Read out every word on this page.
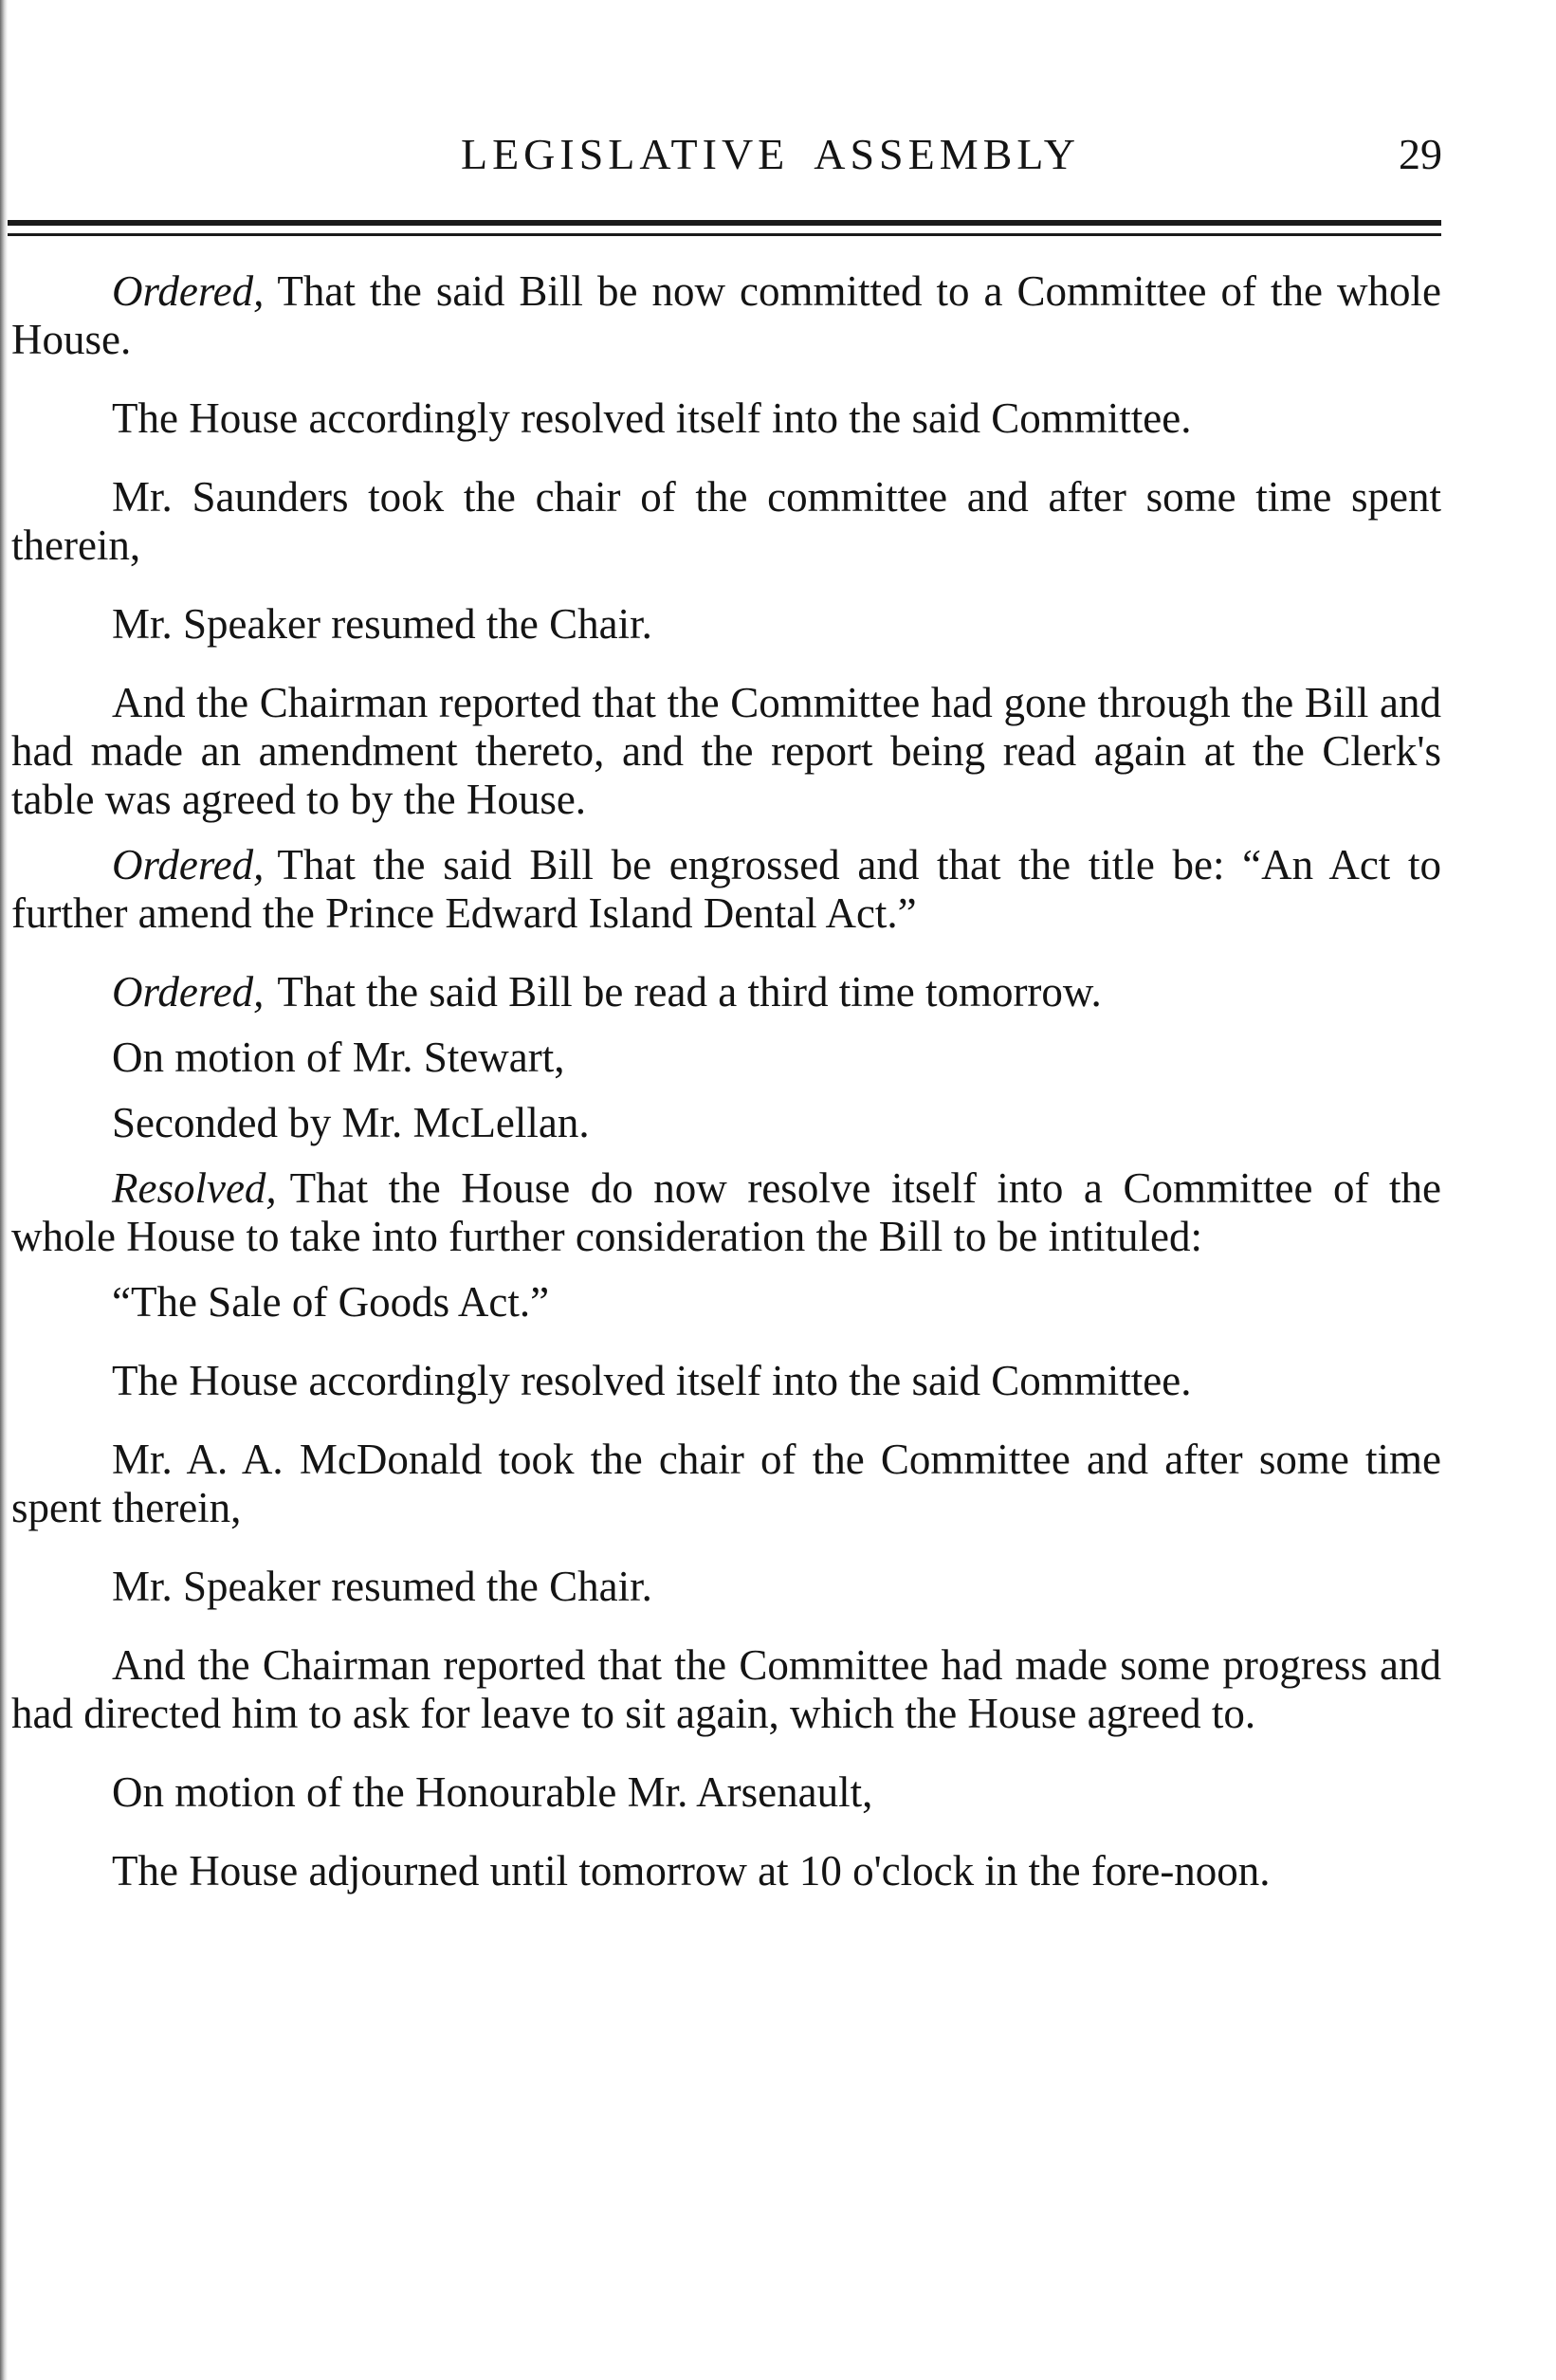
LEGISLATIVE ASSEMBLY	29

Ordered, That the said Bill be now committed to a Committee of the whole House.

The House accordingly resolved itself into the said Committee.

Mr. Saunders took the chair of the committee and after some time spent therein,

Mr. Speaker resumed the Chair.

And the Chairman reported that the Committee had gone through the Bill and had made an amendment thereto, and the report being read again at the Clerk's table was agreed to by the House.

Ordered, That the said Bill be engrossed and that the title be: “An Act to further amend the Prince Edward Island Dental Act.”

Ordered, That the said Bill be read a third time tomorrow.

On motion of Mr. Stewart,

Seconded by Mr. McLellan.

Resolved, That the House do now resolve itself into a Committee of the whole House to take into further consideration the Bill to be intituled:

“The Sale of Goods Act.”

The House accordingly resolved itself into the said Committee.

Mr. A. A. McDonald took the chair of the Committee and after some time spent therein,

Mr. Speaker resumed the Chair.

And the Chairman reported that the Committee had made some progress and had directed him to ask for leave to sit again, which the House agreed to.

On motion of the Honourable Mr. Arsenault,

The House adjourned until tomorrow at 10 o'clock in the fore-noon.
